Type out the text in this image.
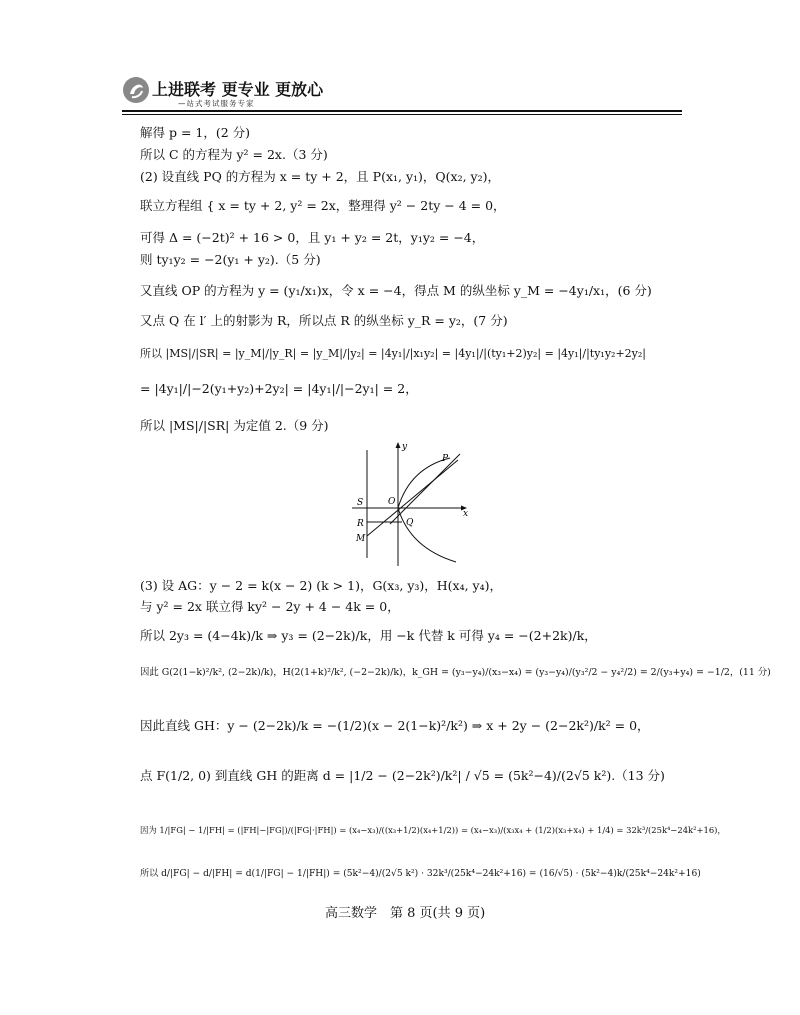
上进联考 更专业 更放心
—站式考试服务专家
解得 p = 1，(2 分)
所以 C 的方程为 y² = 2x.（3 分)
(2) 设直线 PQ 的方程为 x = ty + 2，且 P(x₁, y₁)，Q(x₂, y₂)，
联立方程组 { x = ty + 2, y² = 2x，整理得 y² − 2ty − 4 = 0，
可得 Δ = (−2t)² + 16 > 0，且 y₁ + y₂ = 2t，y₁y₂ = −4，
则 ty₁y₂ = −2(y₁ + y₂).（5 分)
又直线 OP 的方程为 y = (y₁/x₁)x，令 x = −4，得点 M 的纵坐标 y_M = −4y₁/x₁，(6 分)
又点 Q 在 l′ 上的射影为 R，所以点 R 的纵坐标 y_R = y₂，(7 分)
所以 |MS|/|SR| = |y_M|/|y_R| = |y_M|/|y₂| = |4y₁|/|x₁y₂| = |4y₁|/|(ty₁+2)y₂| = |4y₁|/|ty₁y₂+2y₂|
= |4y₁|/|−2(y₁+y₂)+2y₂| = |4y₁|/|−2y₁| = 2，
所以 |MS|/|SR| 为定值 2.（9 分)
y
P
S	O
x
R	Q
M
(3) 设 AG：y − 2 = k(x − 2) (k > 1)，G(x₃, y₃)，H(x₄, y₄)，
与 y² = 2x 联立得 ky² − 2y + 4 − 4k = 0，
所以 2y₃ = (4−4k)/k ⇒ y₃ = (2−2k)/k，用 −k 代替 k 可得 y₄ = −(2+2k)/k，
因此 G(2(1−k)²/k², (2−2k)/k)，H(2(1+k)²/k², (−2−2k)/k)，k_GH = (y₃−y₄)/(x₃−x₄) = (y₃−y₄)/(y₃²/2 − y₄²/2) = 2/(y₃+y₄) = −1/2，(11 分)
因此直线 GH：y − (2−2k)/k = −(1/2)(x − 2(1−k)²/k²) ⇒ x + 2y − (2−2k²)/k² = 0，
点 F(1/2, 0) 到直线 GH 的距离 d = |1/2 − (2−2k²)/k²| / √5 = (5k²−4)/(2√5 k²).（13 分)
因为 1/|FG| − 1/|FH| = (|FH|−|FG|)/(|FG|·|FH|) = (x₄−x₃)/((x₃+1/2)(x₄+1/2)) = (x₄−x₃)/(x₃x₄ + (1/2)(x₃+x₄) + 1/4) = 32k³/(25k⁴−24k²+16)，
所以 d/|FG| − d/|FH| = d(1/|FG| − 1/|FH|) = (5k²−4)/(2√5 k²) · 32k³/(25k⁴−24k²+16) = (16/√5) · (5k²−4)k/(25k⁴−24k²+16)
高三数学　第 8 页(共 9 页)
